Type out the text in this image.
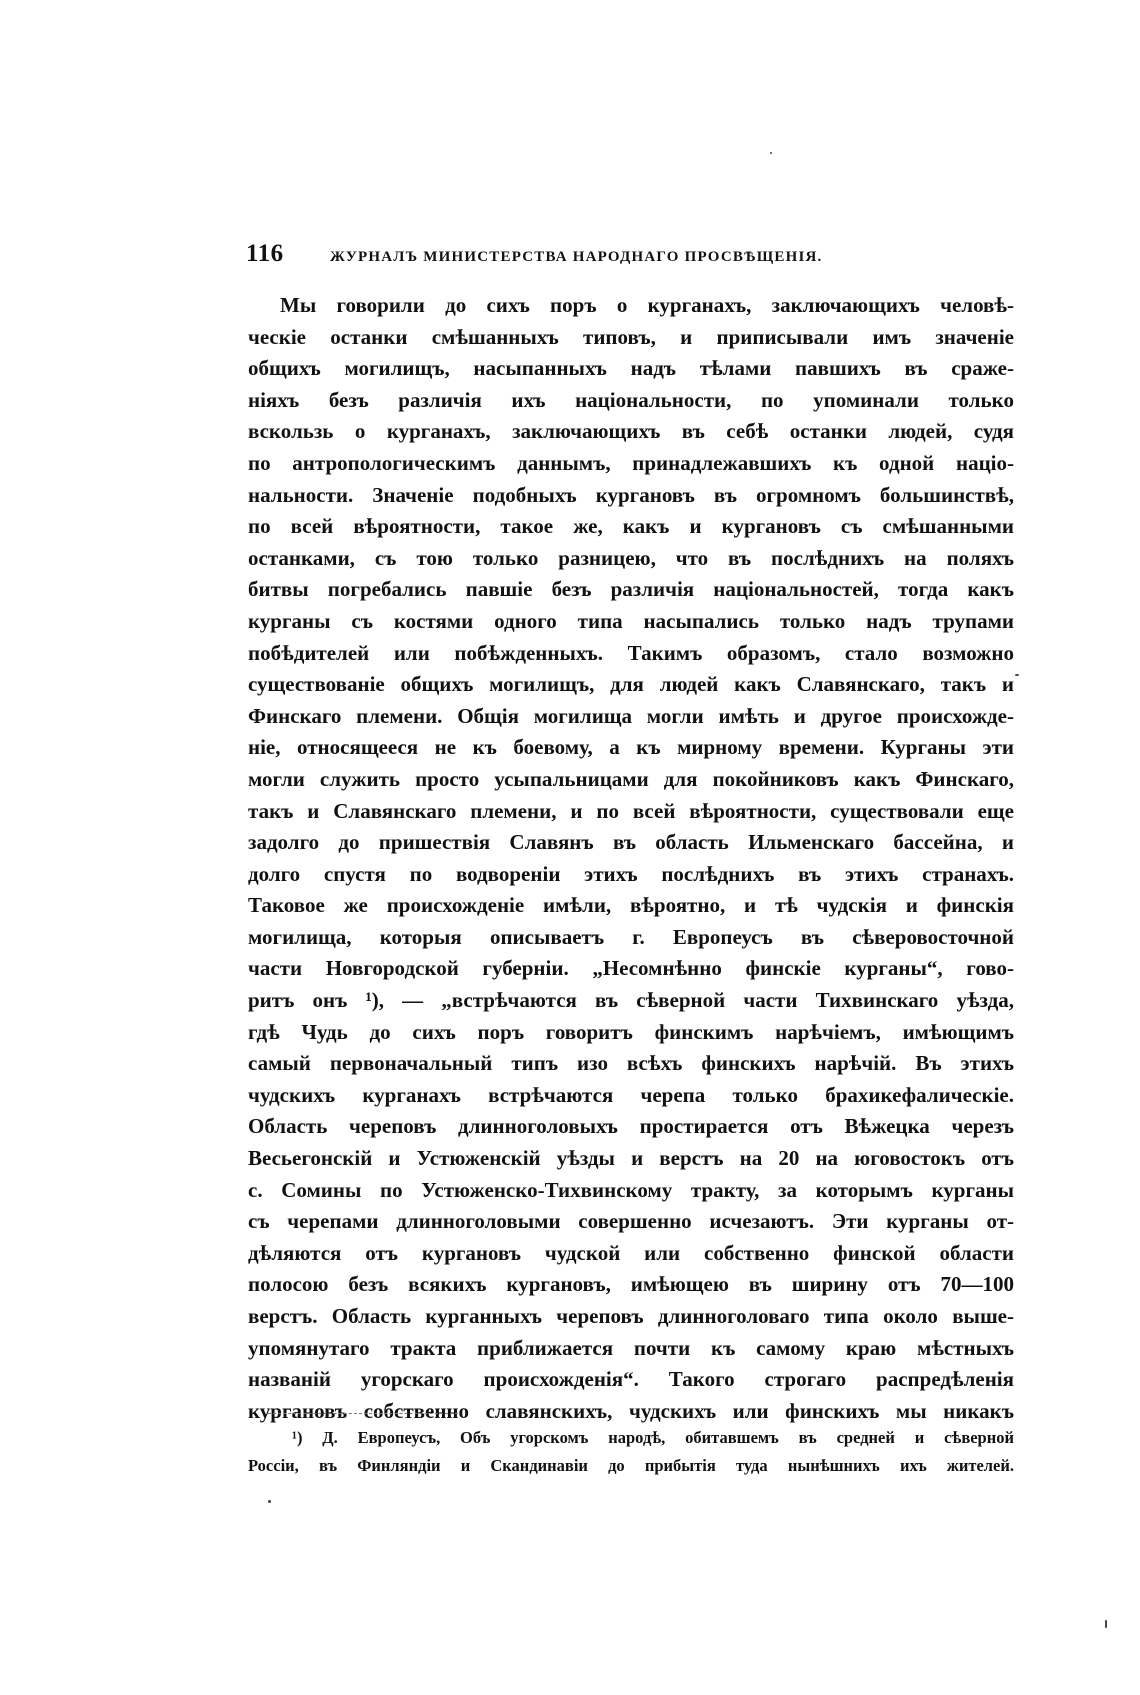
116	ЖУРНАЛЪ МИНИСТЕРСТВА НАРОДНАГО ПРОСВѢЩЕНІЯ.
Мы говорили до сихъ поръ о курганахъ, заключающихъ человѣ-
ческіе останки смѣшанныхъ типовъ, и приписывали имъ значеніе
общихъ могилищъ, насыпанныхъ надъ тѣлами павшихъ въ сраже-
ніяхъ безъ различія ихъ національности, по упоминали только
вскользь о курганахъ, заключающихъ въ себѣ останки людей, судя
по антропологическимъ даннымъ, принадлежавшихъ къ одной націо-
нальности. Значеніе подобныхъ кургановъ въ огромномъ большинствѣ,
по всей вѣроятности, такое же, какъ и кургановъ съ смѣшанными
останками, съ тою только разницею, что въ послѣднихъ на поляхъ
битвы погребались павшіе безъ различія національностей, тогда какъ
курганы съ костями одного типа насыпались только надъ трупами
побѣдителей или побѣжденныхъ. Такимъ образомъ, стало возможно
существованіе общихъ могилищъ, для людей какъ Славянскаго, такъ и
Финскаго племени. Общія могилища могли имѣть и другое происхожде-
ніе, относящееся не къ боевому, а къ мирному времени. Курганы эти
могли служить просто усыпальницами для покойниковъ какъ Финскаго,
такъ и Славянскаго племени, и по всей вѣроятности, существовали еще
задолго до пришествія Славянъ въ область Ильменскаго бассейна, и
долго спустя по водвореніи этихъ послѣднихъ въ этихъ странахъ.
Таковое же происхожденіе имѣли, вѣроятно, и тѣ чудскія и финскія
могилища, которыя описываетъ г. Европеусъ въ сѣверовосточной
части Новгородской губерніи. „Несомнѣнно финскіе курганы“, гово-
ритъ онъ ¹), — „встрѣчаются въ сѣверной части Тихвинскаго уѣзда,
гдѣ Чудь до сихъ поръ говоритъ финскимъ нарѣчіемъ, имѣющимъ
самый первоначальный типъ изо всѣхъ финскихъ нарѣчій. Въ этихъ
чудскихъ курганахъ встрѣчаются черепа только брахикефалическіе.
Область череповъ длинноголовыхъ простирается отъ Вѣжецка черезъ
Весьегонскій и Устюженскій уѣзды и верстъ на 20 на юговостокъ отъ
с. Сомины по Устюженско-Тихвинскому тракту, за которымъ курганы
съ черепами длинноголовыми совершенно исчезаютъ. Эти курганы от-
дѣляются отъ кургановъ чудской или собственно финской области
полосою безъ всякихъ кургановъ, имѣющею въ ширину отъ 70—100
верстъ. Область курганныхъ череповъ длинноголоваго типа около выше-
упомянутаго тракта приближается почти къ самому краю мѣстныхъ
названій угорскаго происхожденія“. Такого строгаго распредѣленія
кургановъ собственно славянскихъ, чудскихъ или финскихъ мы никакъ
¹) Д. Европеусъ, Объ угорскомъ народѣ, обитавшемъ въ средней и сѣверной
Россіи, въ Финляндіи и Скандинавіи до прибытія туда нынѣшнихъ ихъ жителей.
